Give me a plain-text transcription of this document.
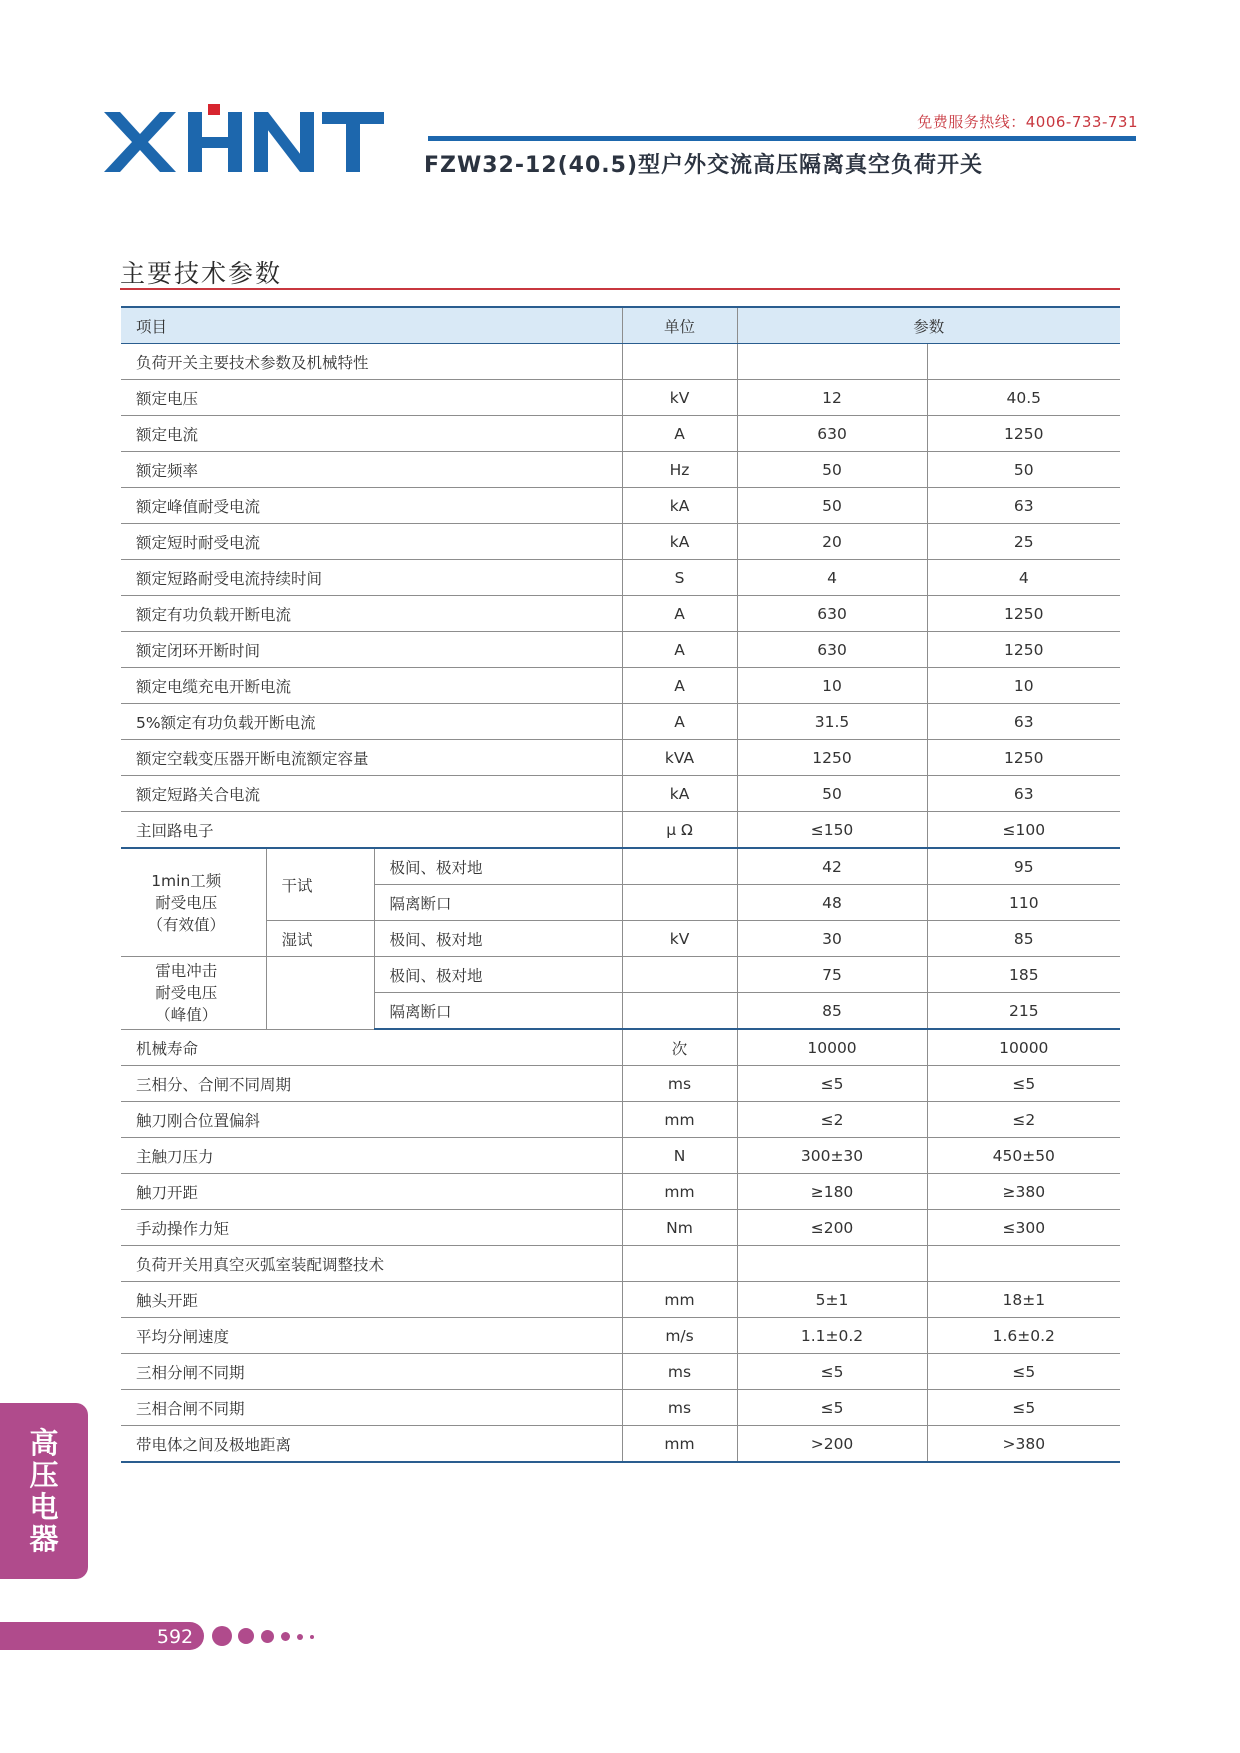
免费服务热线：4006-733-731
FZW32-12(40.5)型户外交流高压隔离真空负荷开关
主要技术参数
项目			单位	参数	
负荷开关主要技术参数及机械特性					
额定电压			kV	12	40.5
额定电流			A	630	1250
额定频率			Hz	50	50
额定峰值耐受电流			kA	50	63
额定短时耐受电流			kA	20	25
额定短路耐受电流持续时间			S	4	4
额定有功负载开断电流			A	630	1250
额定闭环开断时间			A	630	1250
额定电缆充电开断电流			A	10	10
5%额定有功负载开断电流			A	31.5	63
额定空载变压器开断电流额定容量			kVA	1250	1250
额定短路关合电流			kA	50	63
主回路电子			μ Ω	≤150	≤100
1min工频
耐受电压
（有效值）	干试	极间、极对地		42	95
		隔离断口		48	110
	湿试	极间、极对地	kV	30	85
雷电冲击
耐受电压
（峰值）		极间、极对地		75	185
		隔离断口		85	215
机械寿命			次	10000	10000
三相分、合闸不同周期			ms	≤5	≤5
触刀刚合位置偏斜			mm	≤2	≤2
主触刀压力			N	300±30	450±50
触刀开距			mm	≥180	≥380
手动操作力矩			Nm	≤200	≤300
负荷开关用真空灭弧室装配调整技术					
触头开距			mm	5±1	18±1
平均分闸速度			m/s	1.1±0.2	1.6±0.2
三相分闸不同期			ms	≤5	≤5
三相合闸不同期			ms	≤5	≤5
带电体之间及极地距离			mm	>200	>380
高
压
电
器
592
